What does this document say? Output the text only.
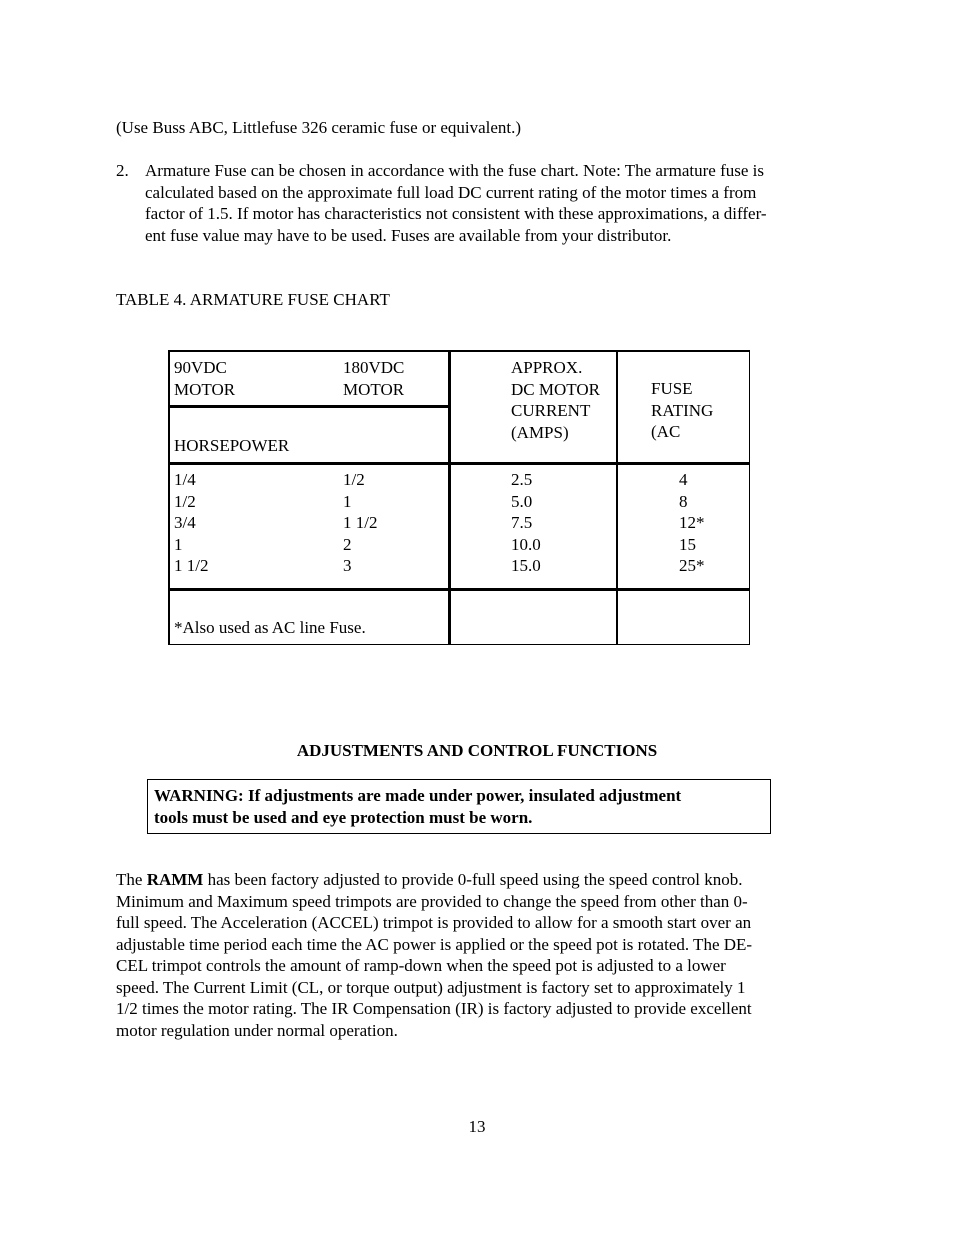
(Use Buss ABC, Littlefuse 326 ceramic fuse or equivalent.)
2. Armature Fuse can be chosen in accordance with the fuse chart. Note: The armature fuse is
calculated based on the approximate full load DC current rating of the motor times a from
factor of 1.5. If motor has characteristics not consistent with these approximations, a differ-
ent fuse value may have to be used. Fuses are available from your distributor.
TABLE 4. ARMATURE FUSE CHART
90VDC
MOTOR
180VDC
MOTOR
HORSEPOWER
APPROX.
DC MOTOR
CURRENT
(AMPS)
FUSE
RATING
(AC
1/4
1/2
3/4
1
1 1/2
1/2
1
1 1/2
2
3
2.5
5.0
7.5
10.0
15.0
4
8
12*
15
25*
*Also used as AC line Fuse.
ADJUSTMENTS AND CONTROL FUNCTIONS
WARNING: If adjustments are made under power, insulated adjustment
tools must be used and eye protection must be worn.
The RAMM has been factory adjusted to provide 0-full speed using the speed control knob.
Minimum and Maximum speed trimpots are provided to change the speed from other than 0-
full speed. The Acceleration (ACCEL) trimpot is provided to allow for a smooth start over an
adjustable time period each time the AC power is applied or the speed pot is rotated. The DE-
CEL trimpot controls the amount of ramp-down when the speed pot is adjusted to a lower
speed. The Current Limit (CL, or torque output) adjustment is factory set to approximately 1
1/2 times the motor rating. The IR Compensation (IR) is factory adjusted to provide excellent
motor regulation under normal operation.
13
